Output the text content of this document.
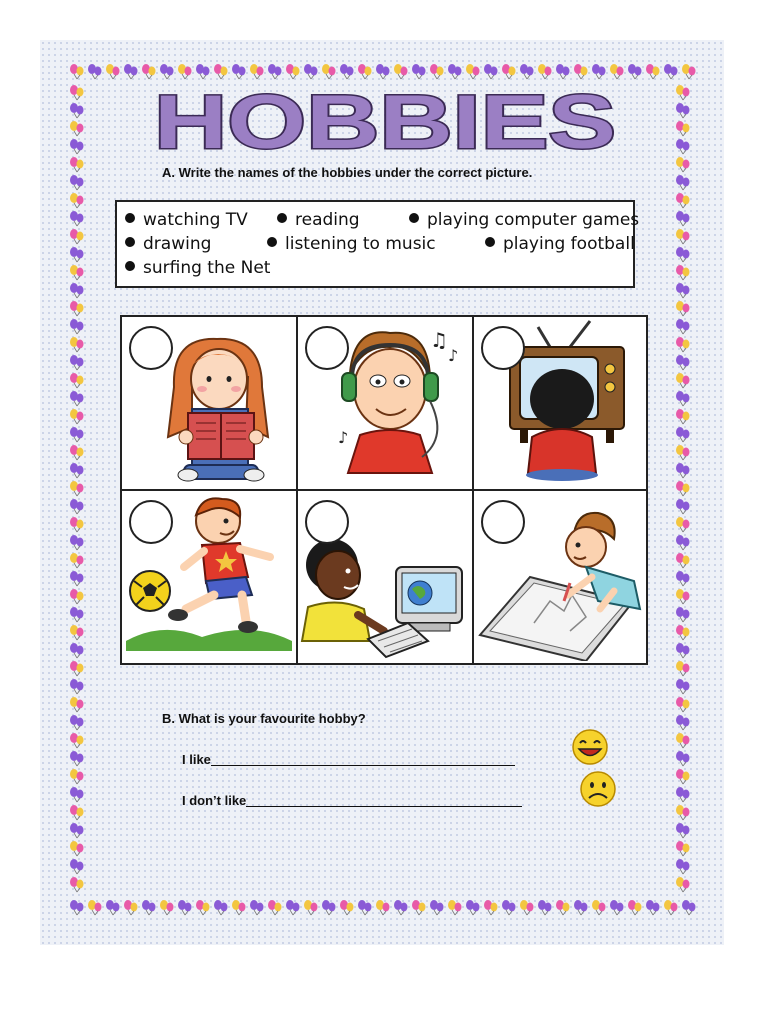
HOBBIES
A. Write the names of the hobbies under the correct picture.
watching TV	reading	playing computer games
drawing	listening to music	playing football
surfing the Net
♫
♪
♪
B. What is your favourite hobby?
I like
I don’t like
